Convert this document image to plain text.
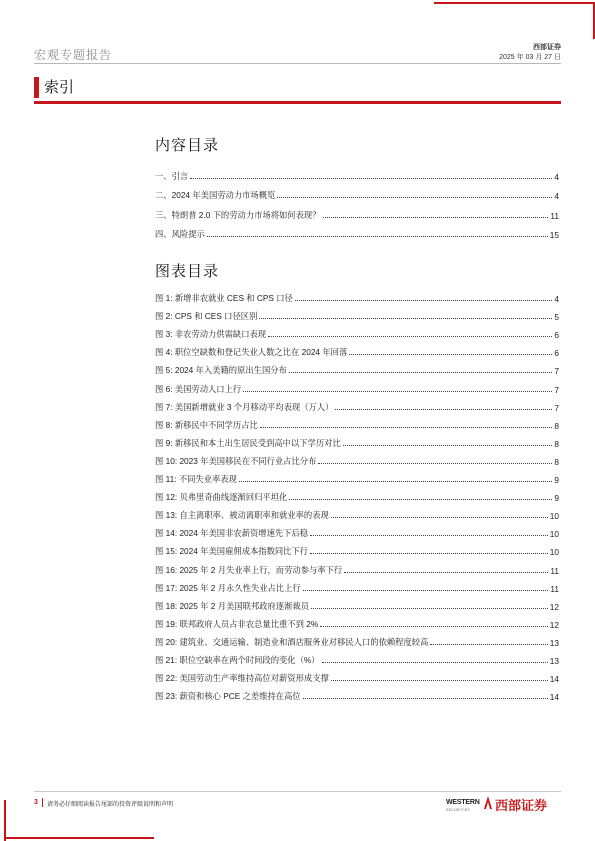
宏观专题报告
西部证券
2025 年 03 月 27 日
索引
内容目录
一、引言	4
二、2024 年美国劳动力市场概览	4
三、特朗普 2.0 下的劳动力市场将如何表现？	11
四、风险提示	15
图表目录
图 1: 新增非农就业 CES 和 CPS 口径	4
图 2: CPS 和 CES 口径区别	5
图 3: 非农劳动力供需缺口表现	6
图 4: 职位空缺数和登记失业人数之比在 2024 年回落	6
图 5: 2024 年入美籍的原出生国分布	7
图 6: 美国劳动人口上行	7
图 7: 美国新增就业 3 个月移动平均表现（万人）	7
图 8: 新移民中不同学历占比	8
图 9: 新移民和本土出生居民受到高中以下学历对比	8
图 10: 2023 年美国移民在不同行业占比分布	8
图 11: 不同失业率表现	9
图 12: 贝弗里奇曲线逐渐回归平坦化	9
图 13: 自主离职率、被动离职率和就业率的表现	10
图 14: 2024 年美国非农薪资增速先下后稳	10
图 15: 2024 年美国雇佣成本指数同比下行	10
图 16: 2025 年 2 月失业率上行，而劳动参与率下行	11
图 17: 2025 年 2 月永久性失业占比上行	11
图 18: 2025 年 2 月美国联邦政府逐渐裁员	12
图 19: 联邦政府人员占非农总量比重不到 2%	12
图 20: 建筑业、交通运输、制造业和酒店服务业对移民人口的依赖程度较高	13
图 21: 职位空缺率在两个时间段的变化（%）	13
图 22: 美国劳动生产率维持高位对薪资形成支撑	14
图 23: 薪资和核心 PCE 之差维持在高位	14
3 请务必仔细阅读报告尾部的投资评级说明和声明	WESTERN
SECURITIES 西部证券
